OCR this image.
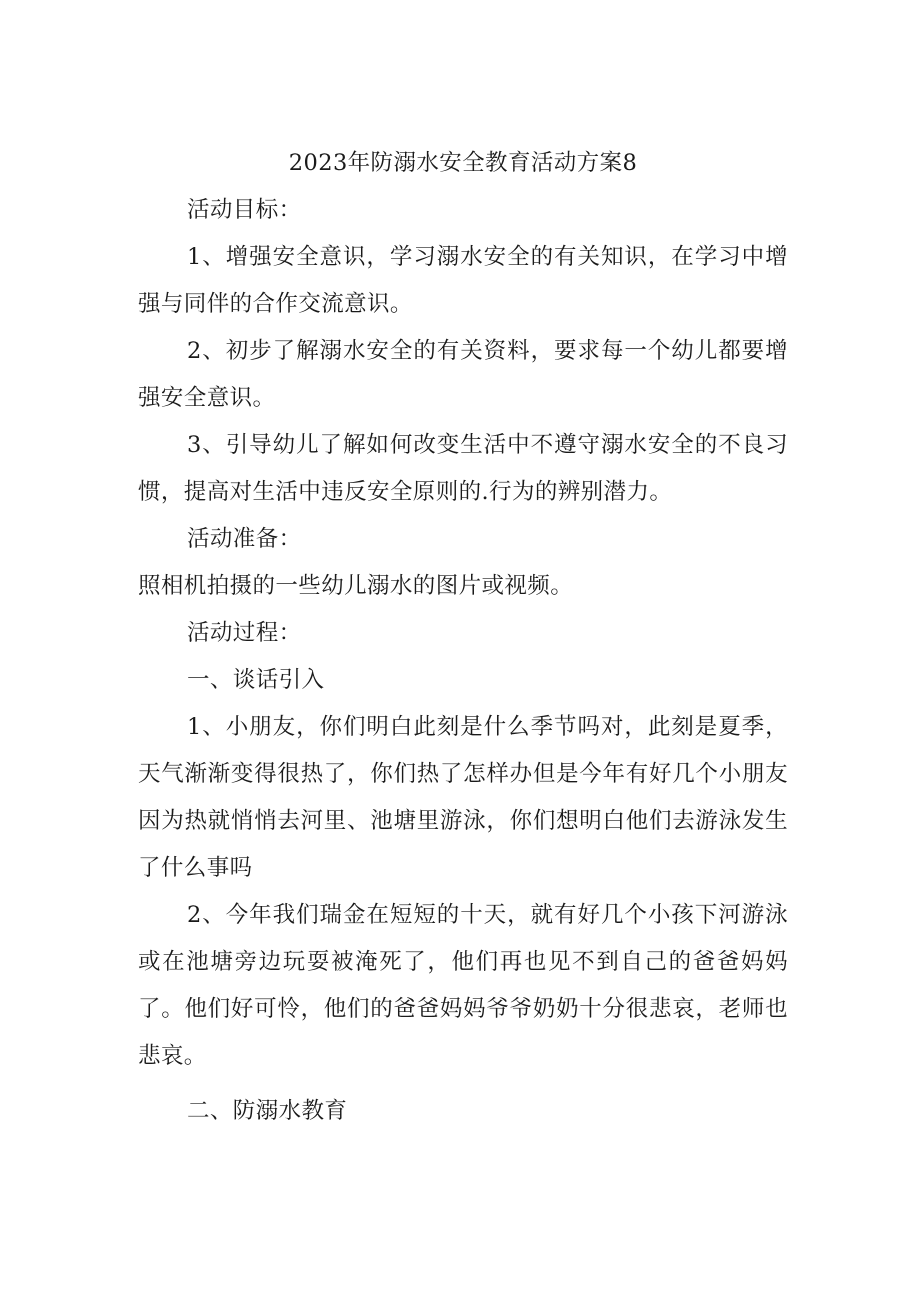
2023年防溺水安全教育活动方案8

活动目标：

1、增强安全意识，学习溺水安全的有关知识，在学习中增强与同伴的合作交流意识。

2、初步了解溺水安全的有关资料，要求每一个幼儿都要增强安全意识。

3、引导幼儿了解如何改变生活中不遵守溺水安全的不良习惯，提高对生活中违反安全原则的.行为的辨别潜力。

活动准备：

照相机拍摄的一些幼儿溺水的图片或视频。

活动过程：

一、谈话引入

1、小朋友，你们明白此刻是什么季节吗对，此刻是夏季，天气渐渐变得很热了，你们热了怎样办但是今年有好几个小朋友因为热就悄悄去河里、池塘里游泳，你们想明白他们去游泳发生了什么事吗

2、今年我们瑞金在短短的十天，就有好几个小孩下河游泳或在池塘旁边玩耍被淹死了，他们再也见不到自己的爸爸妈妈了。他们好可怜，他们的爸爸妈妈爷爷奶奶十分很悲哀，老师也悲哀。

二、防溺水教育
